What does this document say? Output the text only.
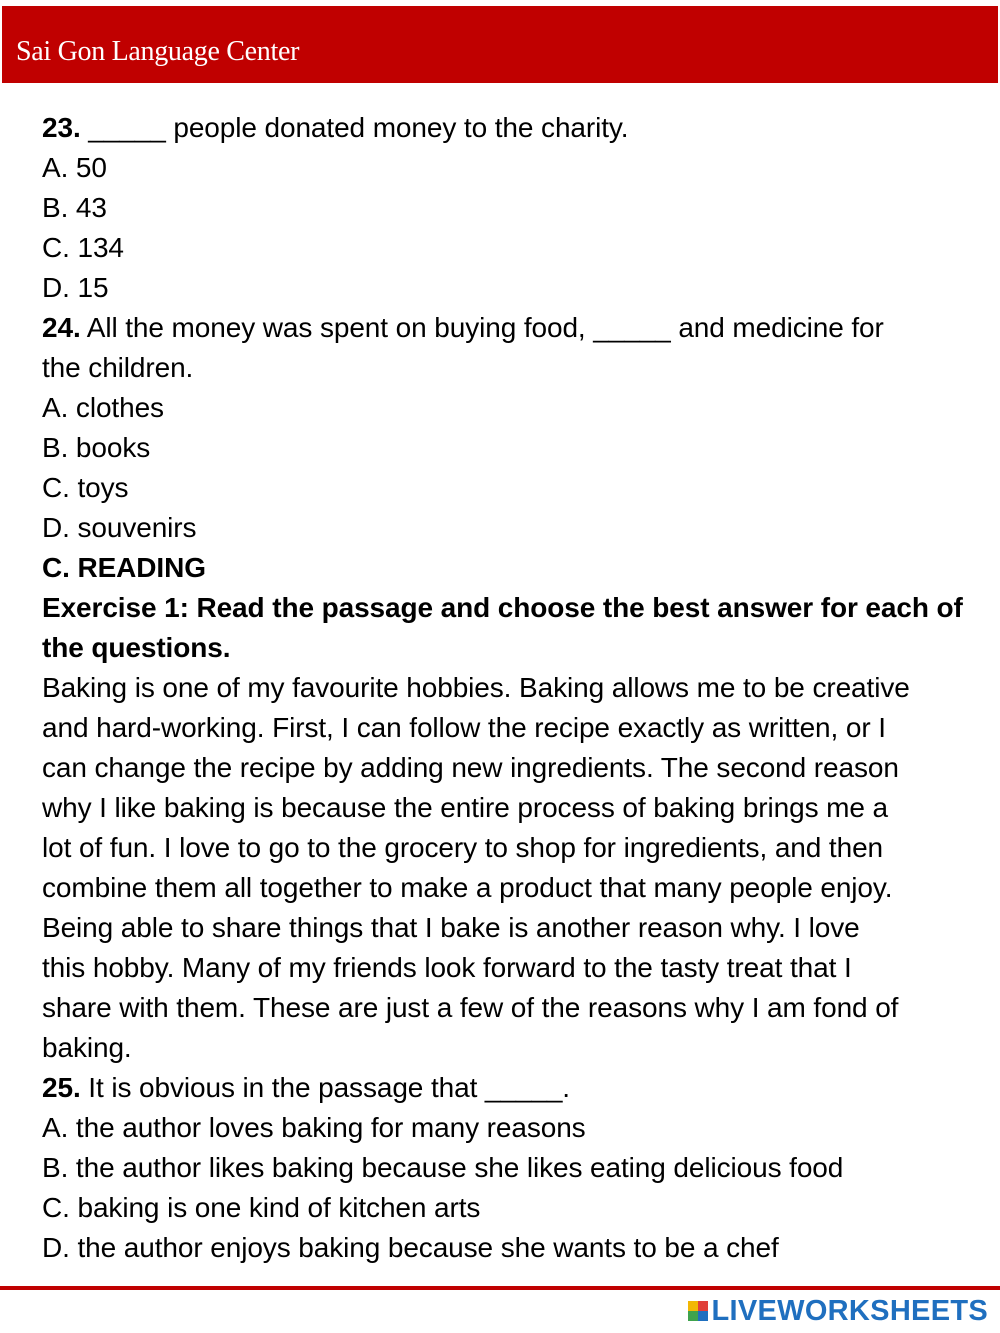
Sai Gon Language Center
23. _____ people donated money to the charity.
A. 50
B. 43
C. 134
D. 15
24. All the money was spent on buying food, _____ and medicine for
the children.
A. clothes
B. books
C. toys
D. souvenirs
C. READING
Exercise 1: Read the passage and choose the best answer for each of
the questions.
Baking is one of my favourite hobbies. Baking allows me to be creative
and hard-working. First, I can follow the recipe exactly as written, or I
can change the recipe by adding new ingredients. The second reason
why I like baking is because the entire process of baking brings me a
lot of fun. I love to go to the grocery to shop for ingredients, and then
combine them all together to make a product that many people enjoy.
Being able to share things that I bake is another reason why. I love
this hobby. Many of my friends look forward to the tasty treat that I
share with them. These are just a few of the reasons why I am fond of
baking.
25. It is obvious in the passage that _____.
A. the author loves baking for many reasons
B. the author likes baking because she likes eating delicious food
C. baking is one kind of kitchen arts
D. the author enjoys baking because she wants to be a chef
LIVEWORKSHEETS
